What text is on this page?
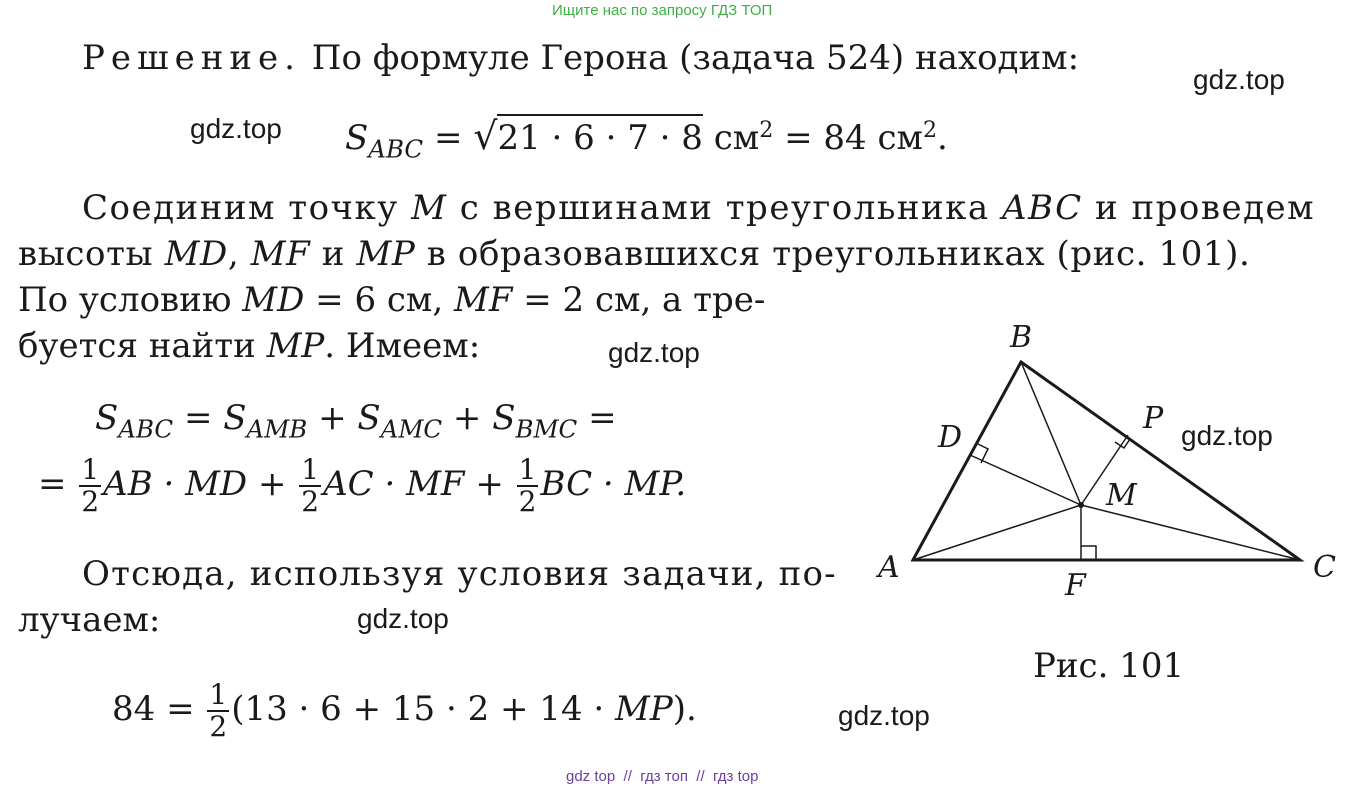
Ищите нас по запросу ГДЗ ТОП
Решение. По формуле Герона (задача 524) находим:
$S_{ABC} = √21 \cdot 6 \cdot 7 \cdot 8$ $см^2 = 84$ $см^2$.
Соединим точку M с вершинами треугольника ABC и проведем
высоты MD, MF и MP в образовавшихся треугольниках (рис. 101).
По условию MD = 6 см, MF = 2 см, а тре-
буется найти MP. Имеем:
$S_{ABC} = S_{AMB} + S_{AMC} + S_{BMC}$ =
= $\frac{1}{2}$ AB · MD + $\frac{1}{2}$ AC · MF + $\frac{1}{2}$ BC · MP.
Отсюда, используя условия задачи, по-
лучаем:
$84 = \frac{1}{2} (13 \cdot 6 + 15 \cdot 2 + 14 \cdot MP)$.
A
B
C
D
P
M
F
Рис. 101
gdz.top
gdz.top
gdz.top
gdz.top
gdz.top
gdz.top
gdz top  //  гдз топ  //  гдз top
